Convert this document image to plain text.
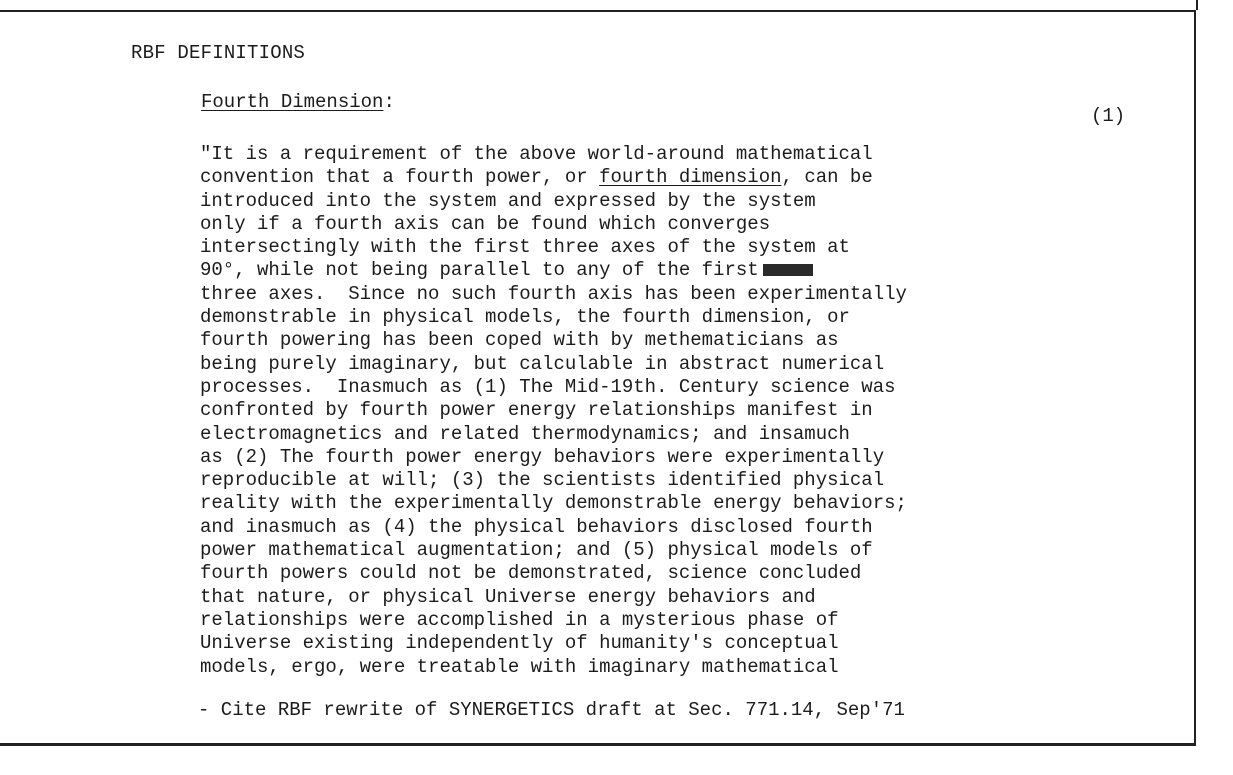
RBF DEFINITIONS
Fourth Dimension:
(1)
"It is a requirement of the above world-around mathematical
convention that a fourth power, or fourth dimension, can be
introduced into the system and expressed by the system
only if a fourth axis can be found which converges
intersectingly with the first three axes of the system at
90°, while not being parallel to any of the first
three axes.  Since no such fourth axis has been experimentally
demonstrable in physical models, the fourth dimension, or
fourth powering has been coped with by methematicians as
being purely imaginary, but calculable in abstract numerical
processes.  Inasmuch as (1) The Mid-19th. Century science was
confronted by fourth power energy relationships manifest in
electromagnetics and related thermodynamics; and insamuch
as (2) The fourth power energy behaviors were experimentally
reproducible at will; (3) the scientists identified physical
reality with the experimentally demonstrable energy behaviors;
and inasmuch as (4) the physical behaviors disclosed fourth
power mathematical augmentation; and (5) physical models of
fourth powers could not be demonstrated, science concluded
that nature, or physical Universe energy behaviors and
relationships were accomplished in a mysterious phase of
Universe existing independently of humanity's conceptual
models, ergo, were treatable with imaginary mathematical
- Cite RBF rewrite of SYNERGETICS draft at Sec. 771.14, Sep'71
